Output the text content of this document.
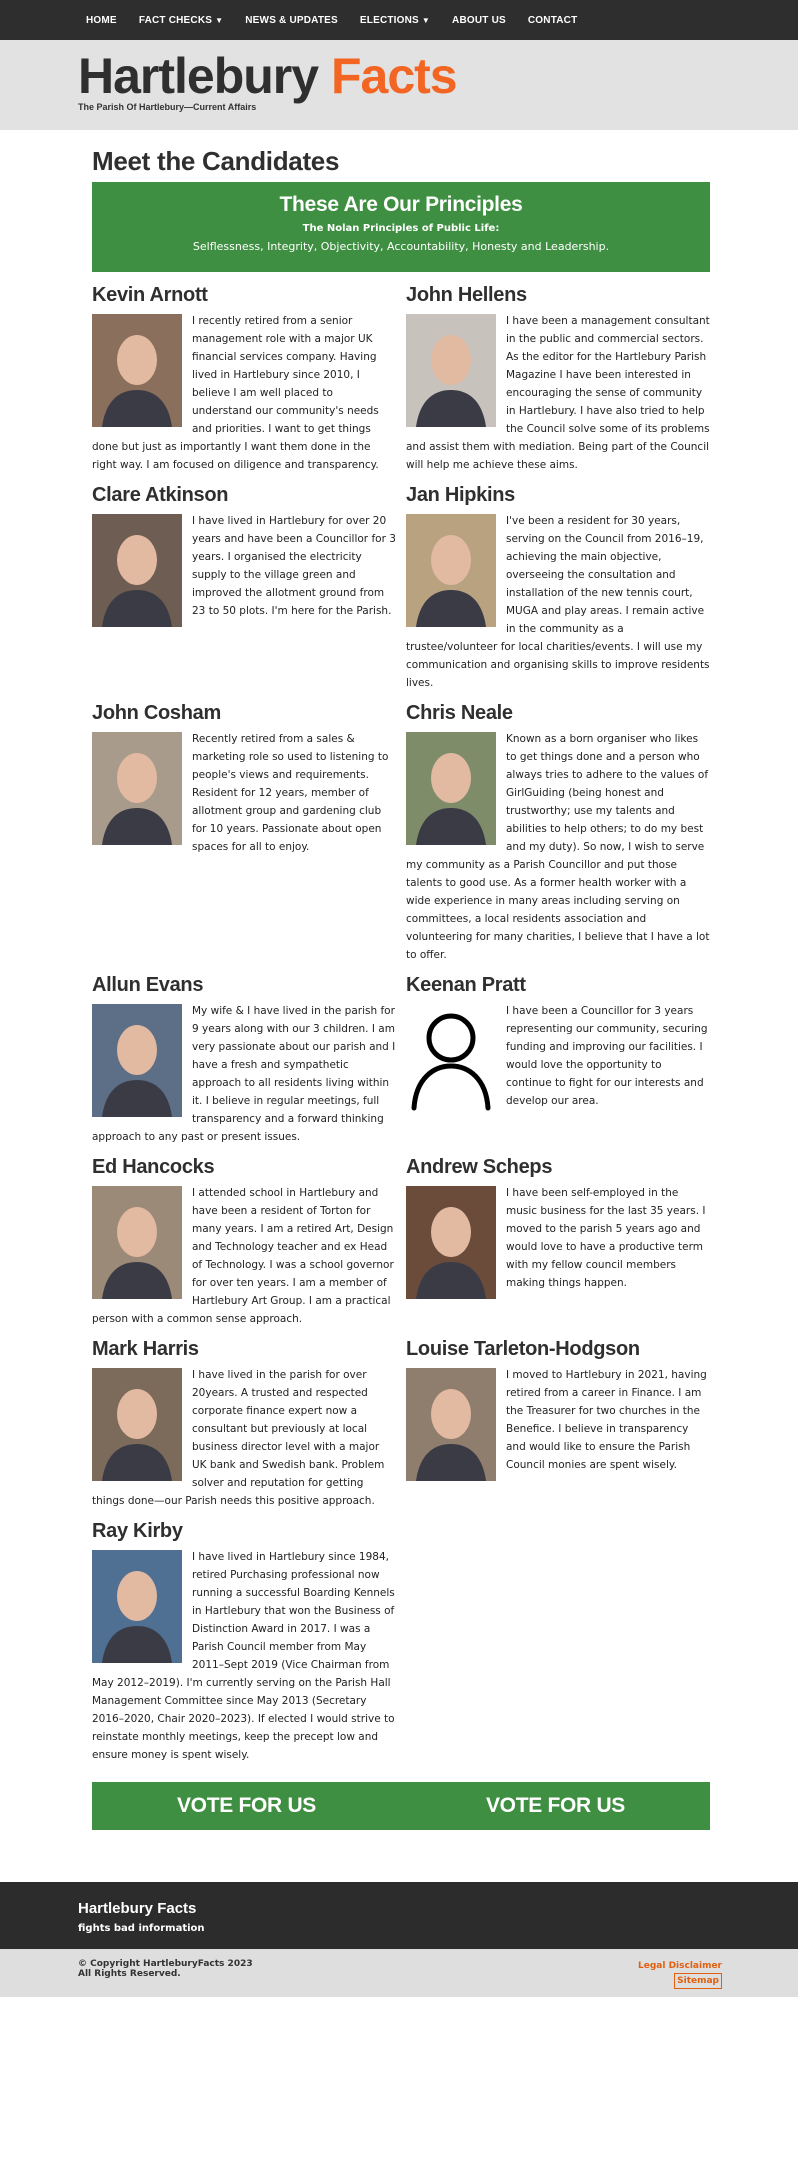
HOME FACT CHECKS ▼ NEWS & UPDATES ELECTIONS ▼ ABOUT US CONTACT
Hartlebury Facts
The Parish Of Hartlebury—Current Affairs
Meet the Candidates
These Are Our Principles
The Nolan Principles of Public Life:
Selflessness, Integrity, Objectivity, Accountability, Honesty and Leadership.
Kevin Arnott
I recently retired from a senior management role with a major UK financial services company. Having lived in Hartlebury since 2010, I believe I am well placed to understand our community's needs and priorities. I want to get things done but just as importantly I want them done in the right way. I am focused on diligence and transparency.
John Hellens
I have been a management consultant in the public and commercial sectors. As the editor for the Hartlebury Parish Magazine I have been interested in encouraging the sense of community in Hartlebury. I have also tried to help the Council solve some of its problems and assist them with mediation. Being part of the Council will help me achieve these aims.
Clare Atkinson
I have lived in Hartlebury for over 20 years and have been a Councillor for 3 years. I organised the electricity supply to the village green and improved the allotment ground from 23 to 50 plots. I'm here for the Parish.
Jan Hipkins
I've been a resident for 30 years, serving on the Council from 2016–19, achieving the main objective, overseeing the consultation and installation of the new tennis court, MUGA and play areas. I remain active in the community as a trustee/volunteer for local charities/events. I will use my communication and organising skills to improve residents lives.
John Cosham
Recently retired from a sales & marketing role so used to listening to people's views and requirements. Resident for 12 years, member of allotment group and gardening club for 10 years. Passionate about open spaces for all to enjoy.
Chris Neale
Known as a born organiser who likes to get things done and a person who always tries to adhere to the values of GirlGuiding (being honest and trustworthy; use my talents and abilities to help others; to do my best and my duty). So now, I wish to serve my community as a Parish Councillor and put those talents to good use. As a former health worker with a wide experience in many areas including serving on committees, a local residents association and volunteering for many charities, I believe that I have a lot to offer.
Allun Evans
My wife & I have lived in the parish for 9 years along with our 3 children. I am very passionate about our parish and I have a fresh and sympathetic approach to all residents living within it. I believe in regular meetings, full transparency and a forward thinking approach to any past or present issues.
Keenan Pratt
I have been a Councillor for 3 years representing our community, securing funding and improving our facilities. I would love the opportunity to continue to fight for our interests and develop our area.
Ed Hancocks
I attended school in Hartlebury and have been a resident of Torton for many years. I am a retired Art, Design and Technology teacher and ex Head of Technology. I was a school governor for over ten years. I am a member of Hartlebury Art Group. I am a practical person with a common sense approach.
Andrew Scheps
I have been self-employed in the music business for the last 35 years. I moved to the parish 5 years ago and would love to have a productive term with my fellow council members making things happen.
Mark Harris
I have lived in the parish for over 20years. A trusted and respected corporate finance expert now a consultant but previously at local business director level with a major UK bank and Swedish bank. Problem solver and reputation for getting things done—our Parish needs this positive approach.
Louise Tarleton-Hodgson
I moved to Hartlebury in 2021, having retired from a career in Finance. I am the Treasurer for two churches in the Benefice. I believe in transparency and would like to ensure the Parish Council monies are spent wisely.
Ray Kirby
I have lived in Hartlebury since 1984, retired Purchasing professional now running a successful Boarding Kennels in Hartlebury that won the Business of Distinction Award in 2017. I was a Parish Council member from May 2011–Sept 2019 (Vice Chairman from May 2012–2019). I'm currently serving on the Parish Hall Management Committee since May 2013 (Secretary 2016–2020, Chair 2020–2023). If elected I would strive to reinstate monthly meetings, keep the precept low and ensure money is spent wisely.
VOTE FOR US	VOTE FOR US
Hartlebury Facts
fights bad information
© Copyright HartleburyFacts 2023
All Rights Reserved.
Legal Disclaimer
Sitemap
